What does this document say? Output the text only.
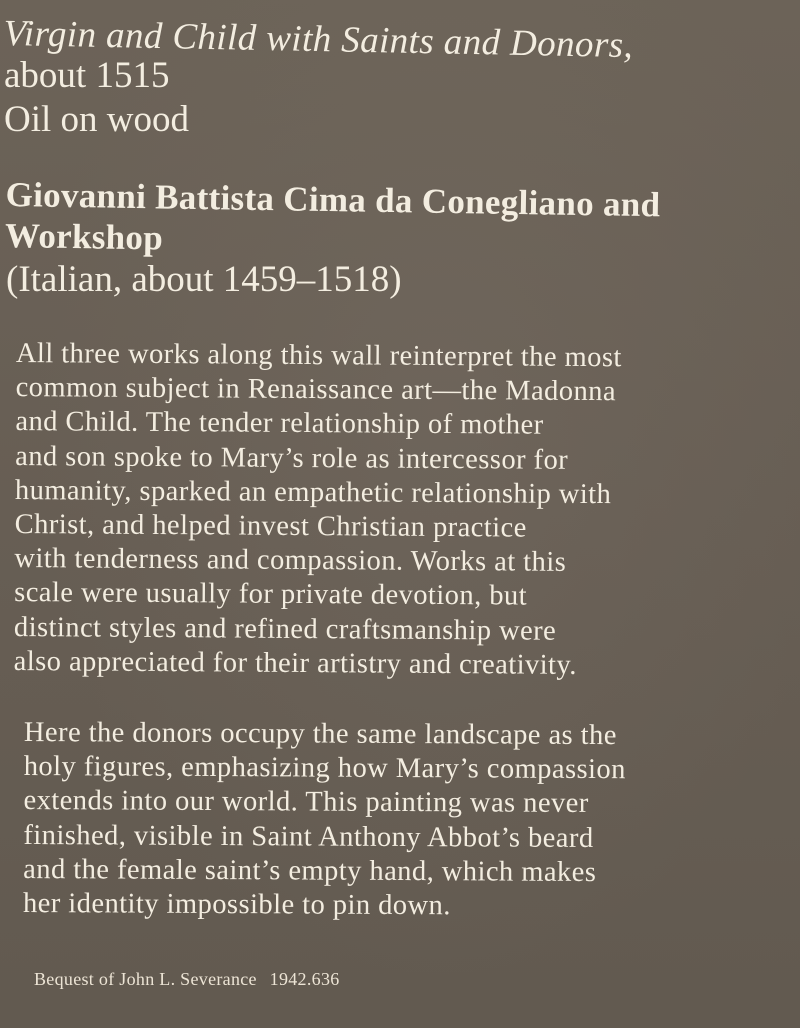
Virgin and Child with Saints and Donors,
about 1515
Oil on wood
Giovanni Battista Cima da Conegliano and
Workshop
(Italian, about 1459–1518)
All three works along this wall reinterpret the most
common subject in Renaissance art—the Madonna
and Child. The tender relationship of mother
and son spoke to Mary’s role as intercessor for
humanity, sparked an empathetic relationship with
Christ, and helped invest Christian practice
with tenderness and compassion. Works at this
scale were usually for private devotion, but
distinct styles and refined craftsmanship were
also appreciated for their artistry and creativity.
Here the donors occupy the same landscape as the
holy figures, emphasizing how Mary’s compassion
extends into our world. This painting was never
finished, visible in Saint Anthony Abbot’s beard
and the female saint’s empty hand, which makes
her identity impossible to pin down.
Bequest of John L. Severance 1942.636
